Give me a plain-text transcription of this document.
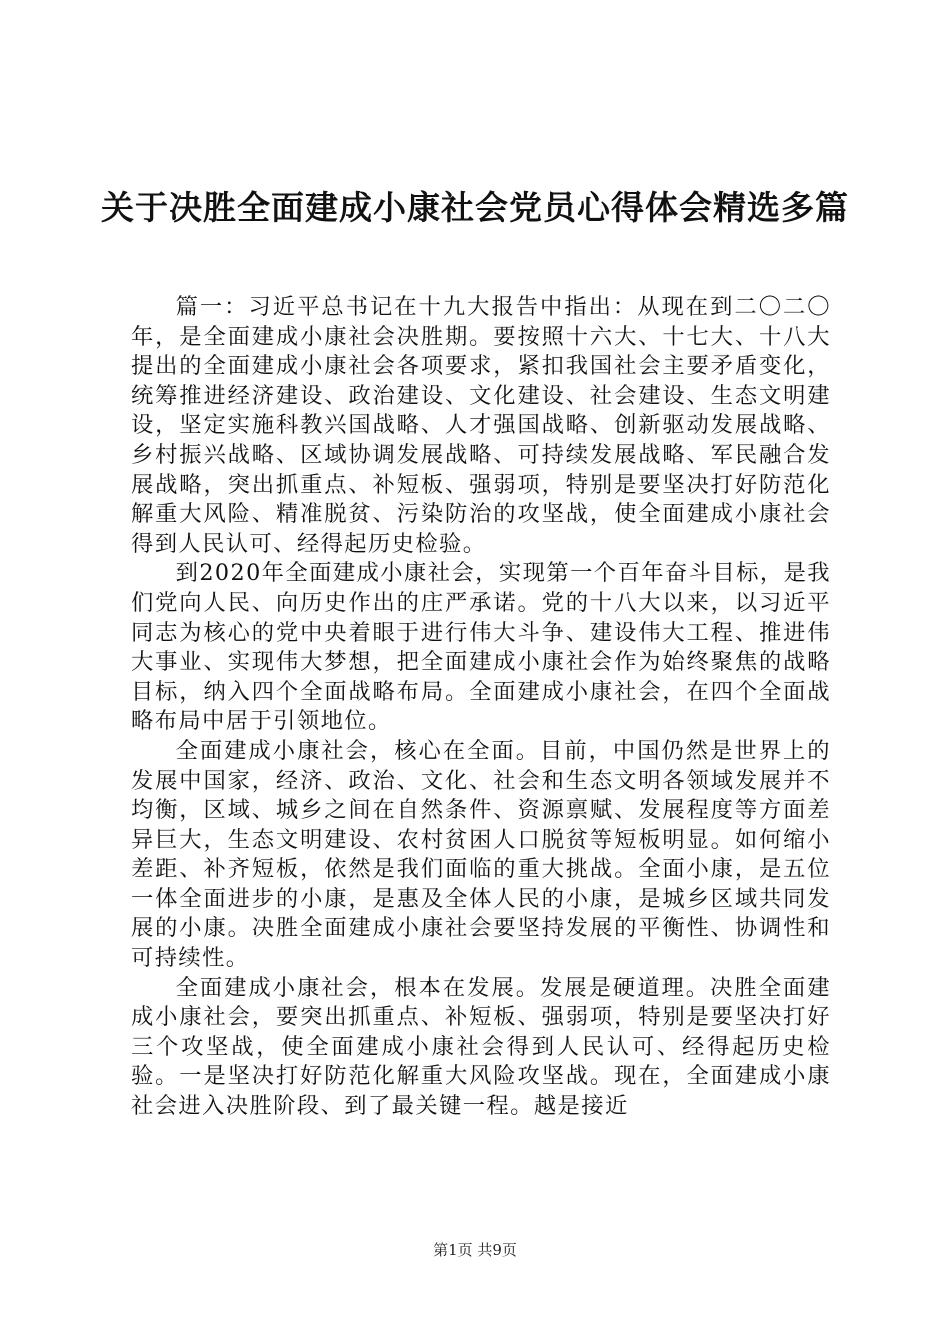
关于决胜全面建成小康社会党员心得体会精选多篇

篇一：习近平总书记在十九大报告中指出：从现在到二〇二〇年，是全面建成小康社会决胜期。要按照十六大、十七大、十八大提出的全面建成小康社会各项要求，紧扣我国社会主要矛盾变化，统筹推进经济建设、政治建设、文化建设、社会建设、生态文明建设，坚定实施科教兴国战略、人才强国战略、创新驱动发展战略、乡村振兴战略、区域协调发展战略、可持续发展战略、军民融合发展战略，突出抓重点、补短板、强弱项，特别是要坚决打好防范化解重大风险、精准脱贫、污染防治的攻坚战，使全面建成小康社会得到人民认可、经得起历史检验。

到2020年全面建成小康社会，实现第一个百年奋斗目标，是我们党向人民、向历史作出的庄严承诺。党的十八大以来，以习近平同志为核心的党中央着眼于进行伟大斗争、建设伟大工程、推进伟大事业、实现伟大梦想，把全面建成小康社会作为始终聚焦的战略目标，纳入四个全面战略布局。全面建成小康社会，在四个全面战略布局中居于引领地位。

全面建成小康社会，核心在全面。目前，中国仍然是世界上的发展中国家，经济、政治、文化、社会和生态文明各领域发展并不均衡，区域、城乡之间在自然条件、资源禀赋、发展程度等方面差异巨大，生态文明建设、农村贫困人口脱贫等短板明显。如何缩小差距、补齐短板，依然是我们面临的重大挑战。全面小康，是五位一体全面进步的小康，是惠及全体人民的小康，是城乡区域共同发展的小康。决胜全面建成小康社会要坚持发展的平衡性、协调性和可持续性。

全面建成小康社会，根本在发展。发展是硬道理。决胜全面建成小康社会，要突出抓重点、补短板、强弱项，特别是要坚决打好三个攻坚战，使全面建成小康社会得到人民认可、经得起历史检验。一是坚决打好防范化解重大风险攻坚战。现在，全面建成小康社会进入决胜阶段、到了最关键一程。越是接近

第1页 共9页
